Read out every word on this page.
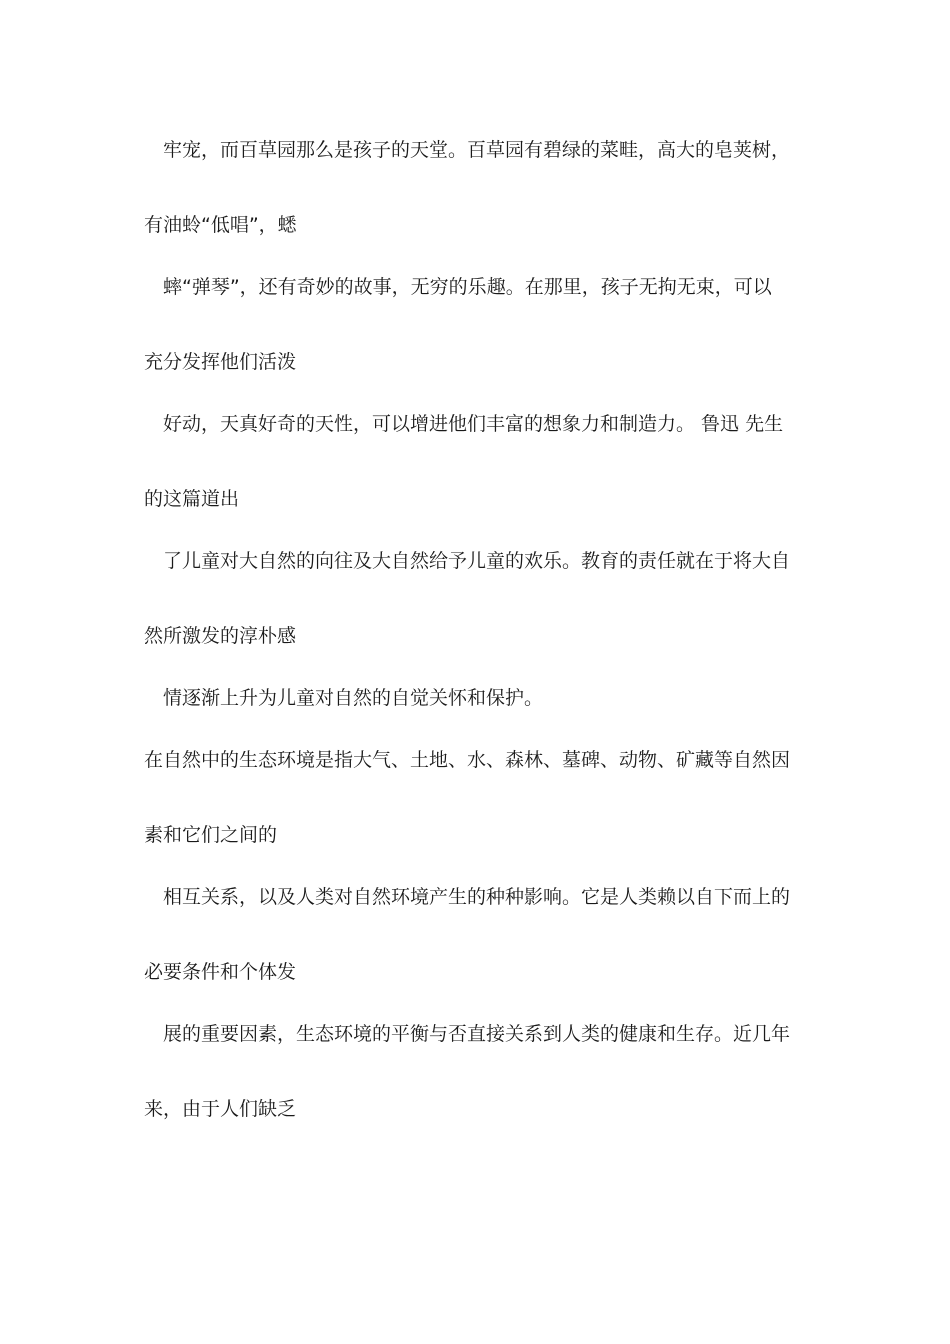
牢宠，而百草园那么是孩子的天堂。百草园有碧绿的菜畦，高大的皂荚树，

有油蛉“低唱”，蟋

蟀“弹琴”，还有奇妙的故事，无穷的乐趣。在那里，孩子无拘无束，可以

充分发挥他们活泼

好动，天真好奇的天性，可以增进他们丰富的想象力和制造力。 鲁迅 先生

的这篇道出

了儿童对大自然的向往及大自然给予儿童的欢乐。教育的责任就在于将大自

然所激发的淳朴感

情逐渐上升为儿童对自然的自觉关怀和保护。

在自然中的生态环境是指大气、土地、水、森林、墓碑、动物、矿藏等自然因

素和它们之间的

相互关系，以及人类对自然环境产生的种种影响。它是人类赖以自下而上的

必要条件和个体发

展的重要因素，生态环境的平衡与否直接关系到人类的健康和生存。近几年

来，由于人们缺乏
